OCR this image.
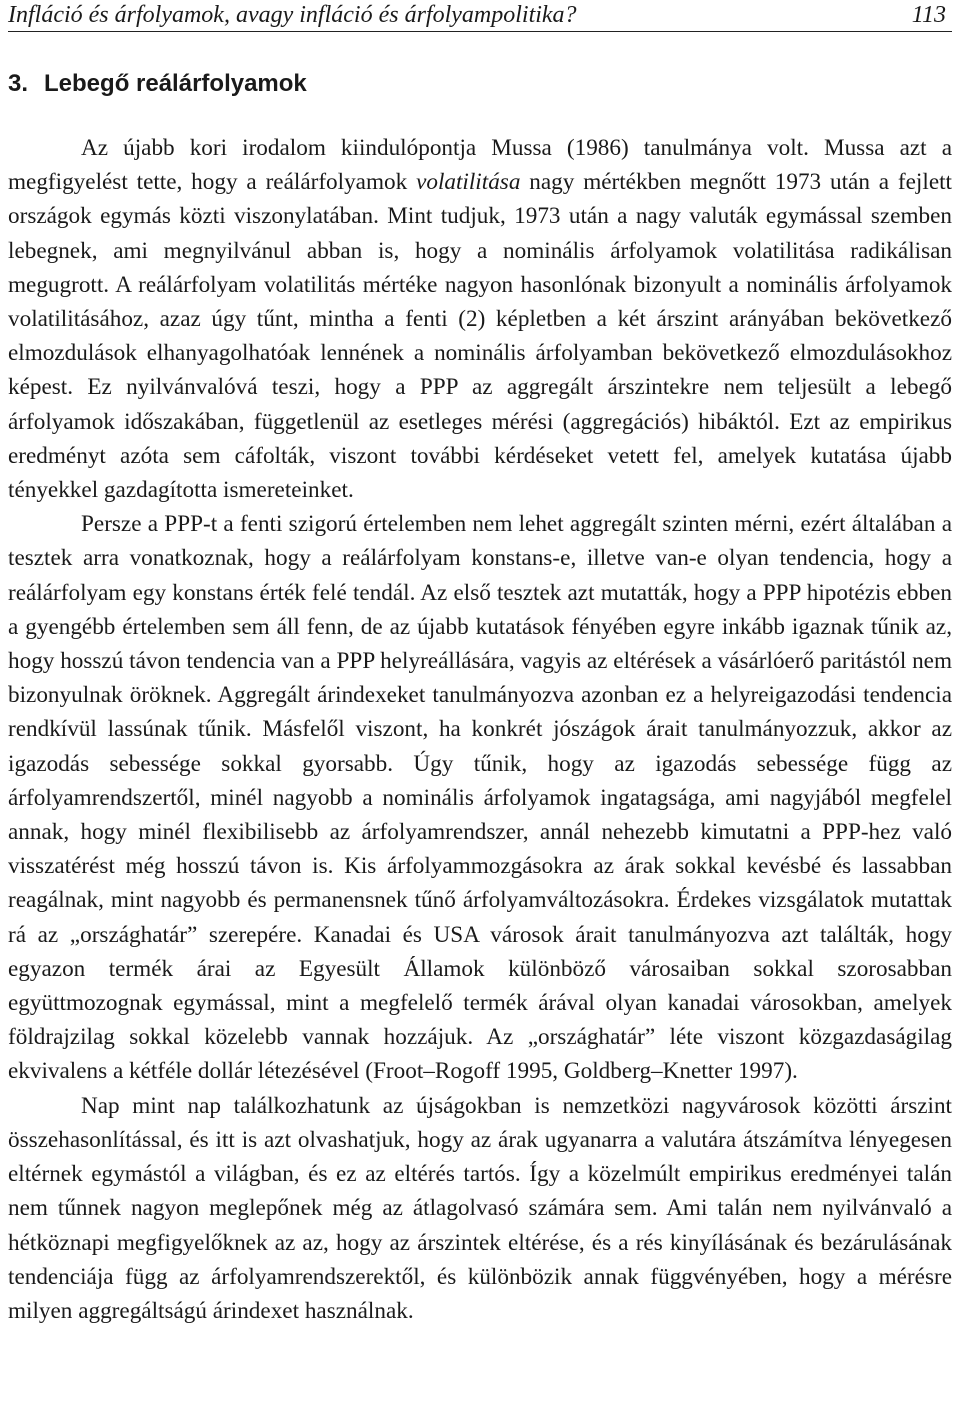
Infláció és árfolyamok, avagy infláció és árfolyampolitika?	113
3. Lebegő reálárfolyamok

Az újabb kori irodalom kiindulópontja Mussa (1986) tanulmánya volt. Mussa azt a megfigyelést tette, hogy a reálárfolyamok volatilitása nagy mértékben megnőtt 1973 után a fejlett országok egymás közti viszonylatában. Mint tudjuk, 1973 után a nagy valuták egymással szemben lebegnek, ami megnyilvánul abban is, hogy a nominális árfolyamok volatilitása radikálisan megugrott. A reálárfolyam volatilitás mértéke nagyon hasonlónak bizonyult a nominális árfolyamok volatilitásához, azaz úgy tűnt, mintha a fenti (2) képletben a két árszint arányában bekövetkező elmozdulások elhanyagolhatóak lennének a nominális árfolyamban bekövetkező elmozdulásokhoz képest. Ez nyilvánvalóvá teszi, hogy a PPP az aggregált árszintekre nem teljesült a lebegő árfolyamok időszakában, függetlenül az esetleges mérési (aggregációs) hibáktól. Ezt az empirikus eredményt azóta sem cáfolták, viszont további kérdéseket vetett fel, amelyek kutatása újabb tényekkel gazdagította ismereteinket.

Persze a PPP-t a fenti szigorú értelemben nem lehet aggregált szinten mérni, ezért általában a tesztek arra vonatkoznak, hogy a reálárfolyam konstans-e, illetve van-e olyan tendencia, hogy a reálárfolyam egy konstans érték felé tendál. Az első tesztek azt mutatták, hogy a PPP hipotézis ebben a gyengébb értelemben sem áll fenn, de az újabb kutatások fényében egyre inkább igaznak tűnik az, hogy hosszú távon tendencia van a PPP helyreállására, vagyis az eltérések a vásárlóerő paritástól nem bizonyulnak öröknek. Aggregált árindexeket tanulmányozva azonban ez a helyreigazodási tendencia rendkívül lassúnak tűnik. Másfelől viszont, ha konkrét jószágok árait tanulmányozzuk, akkor az igazodás sebessége sokkal gyorsabb. Úgy tűnik, hogy az igazodás sebessége függ az árfolyamrendszertől, minél nagyobb a nominális árfolyamok ingatagsága, ami nagyjából megfelel annak, hogy minél flexibilisebb az árfolyamrendszer, annál nehezebb kimutatni a PPP-hez való visszatérést még hosszú távon is. Kis árfolyammozgásokra az árak sokkal kevésbé és lassabban reagálnak, mint nagyobb és permanensnek tűnő árfolyamváltozásokra. Érdekes vizsgálatok mutattak rá az „országhatár” szerepére. Kanadai és USA városok árait tanulmányozva azt találták, hogy egyazon termék árai az Egyesült Államok különböző városaiban sokkal szorosabban együttmozognak egymással, mint a megfelelő termék árával olyan kanadai városokban, amelyek földrajzilag sokkal közelebb vannak hozzájuk. Az „országhatár” léte viszont közgazdaságilag ekvivalens a kétféle dollár létezésével (Froot–Rogoff 1995, Goldberg–Knetter 1997).

Nap mint nap találkozhatunk az újságokban is nemzetközi nagyvárosok közötti árszint összehasonlítással, és itt is azt olvashatjuk, hogy az árak ugyanarra a valutára átszámítva lényegesen eltérnek egymástól a világban, és ez az eltérés tartós. Így a közelmúlt empirikus eredményei talán nem tűnnek nagyon meglepőnek még az átlagolvasó számára sem. Ami talán nem nyilvánvaló a hétköznapi megfigyelőknek az az, hogy az árszintek eltérése, és a rés kinyílásának és bezárulásának tendenciája függ az árfolyamrendszerektől, és különbözik annak függvényében, hogy a mérésre milyen aggregáltságú árindexet használnak.
